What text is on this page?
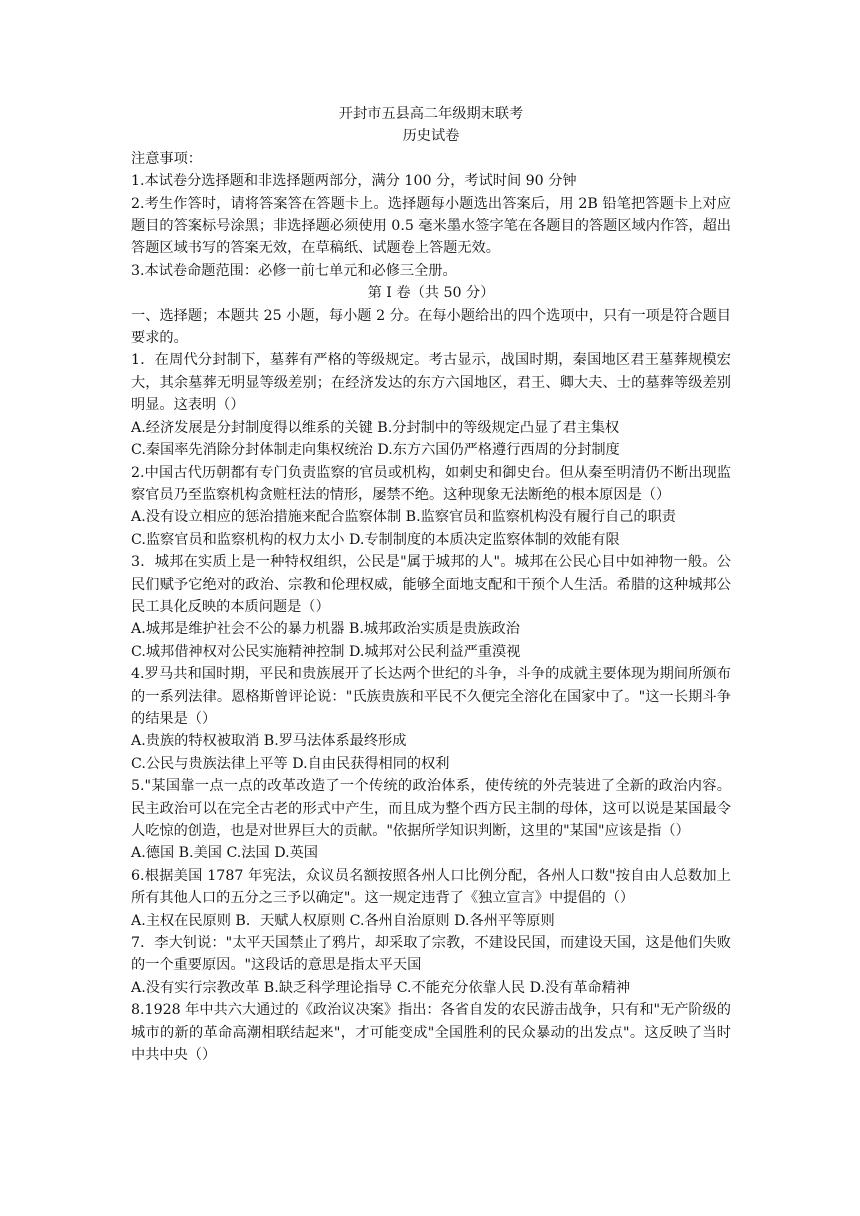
开封市五县高二年级期末联考
历史试卷
注意事项：
1.本试卷分选择题和非选择题两部分，满分 100 分，考试时间 90 分钟
2.考生作答时，请将答案答在答题卡上。选择题每小题选出答案后，用 2B 铅笔把答题卡上对应题目的答案标号涂黑；非选择题必须使用 0.5 毫米墨水签字笔在各题目的答题区域内作答，超出答题区域书写的答案无效，在草稿纸、试题卷上答题无效。
3.本试卷命题范围：必修一前七单元和必修三全册。
第 I 卷（共 50 分）
一、选择题；本题共 25 小题，每小题 2 分。在每小题给出的四个选项中，只有一项是符合题目要求的。
1．在周代分封制下，墓葬有严格的等级规定。考古显示，战国时期，秦国地区君王墓葬规模宏大，其余墓葬无明显等级差别；在经济发达的东方六国地区，君王、卿大夫、士的墓葬等级差别明显。这表明（）
A.经济发展是分封制度得以维系的关键 B.分封制中的等级规定凸显了君主集权
C.秦国率先消除分封体制走向集权统治 D.东方六国仍严格遵行西周的分封制度
2.中国古代历朝都有专门负责监察的官员或机构，如刺史和御史台。但从秦至明清仍不断出现监察官员乃至监察机构贪赃枉法的情形，屡禁不绝。这种现象无法断绝的根本原因是（）
A.没有设立相应的惩治措施来配合监察体制 B.监察官员和监察机构没有履行自己的职责
C.监察官员和监察机构的权力太小 D.专制制度的本质决定监察体制的效能有限
3．城邦在实质上是一种特权组织，公民是"属于城邦的人"。城邦在公民心目中如神物一般。公民们赋予它绝对的政治、宗教和伦理权威，能够全面地支配和干预个人生活。希腊的这种城邦公民工具化反映的本质问题是（）
A.城邦是维护社会不公的暴力机器 B.城邦政治实质是贵族政治
C.城邦借神权对公民实施精神控制 D.城邦对公民利益严重漠视
4.罗马共和国时期，平民和贵族展开了长达两个世纪的斗争，斗争的成就主要体现为期间所颁布的一系列法律。恩格斯曾评论说："氏族贵族和平民不久便完全溶化在国家中了。"这一长期斗争的结果是（）
A.贵族的特权被取消 B.罗马法体系最终形成
C.公民与贵族法律上平等 D.自由民获得相同的权利
5."某国靠一点一点的改革改造了一个传统的政治体系，使传统的外壳装进了全新的政治内容。民主政治可以在完全古老的形式中产生，而且成为整个西方民主制的母体，这可以说是某国最令人吃惊的创造，也是对世界巨大的贡献。"依据所学知识判断，这里的"某国"应该是指（）
A.德国 B.美国 C.法国 D.英国
6.根据美国 1787 年宪法，众议员名额按照各州人口比例分配，各州人口数"按自由人总数加上所有其他人口的五分之三予以确定"。这一规定违背了《独立宣言》中提倡的（）
A.主权在民原则 B．天赋人权原则 C.各州自治原则 D.各州平等原则
7．李大钊说："太平天国禁止了鸦片，却采取了宗教，不建设民国，而建设天国，这是他们失败的一个重要原因。"这段话的意思是指太平天国
A.没有实行宗教改革 B.缺乏科学理论指导 C.不能充分依靠人民 D.没有革命精神
8.1928 年中共六大通过的《政治议决案》指出：各省自发的农民游击战争，只有和"无产阶级的城市的新的革命高潮相联结起来"，才可能变成"全国胜利的民众暴动的出发点"。这反映了当时中共中央（）
